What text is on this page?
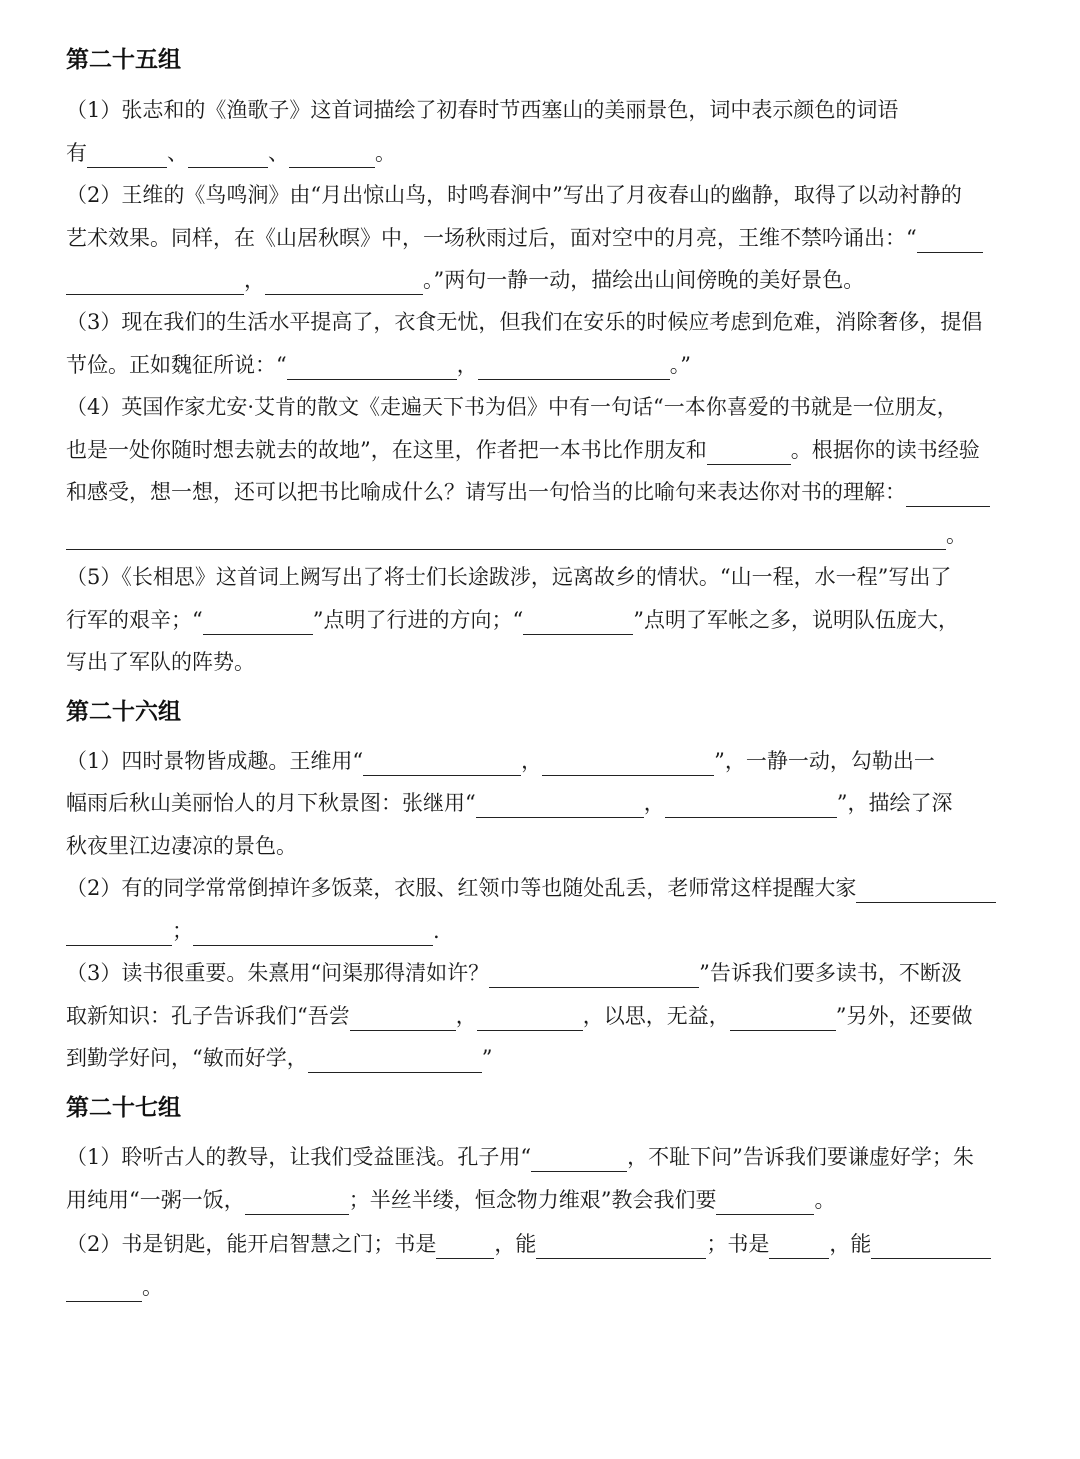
第二十五组
（1）张志和的《渔歌子》这首词描绘了初春时节西塞山的美丽景色，词中表示颜色的词语
有	、	、	。
（2）王维的《鸟鸣涧》由“月出惊山鸟，时鸣春涧中”写出了月夜春山的幽静，取得了以动衬静的
艺术效果。同样，在《山居秋暝》中，一场秋雨过后，面对空中的月亮，王维不禁吟诵出：“
，	。”两句一静一动，描绘出山间傍晚的美好景色。
（3）现在我们的生活水平提高了，衣食无忧，但我们在安乐的时候应考虑到危难，消除奢侈，提倡
节俭。正如魏征所说：“	，	。”
（4）英国作家尤安·艾肯的散文《走遍天下书为侣》中有一句话“一本你喜爱的书就是一位朋友，
也是一处你随时想去就去的故地”，在这里，作者把一本书比作朋友和	。根据你的读书经验
和感受，想一想，还可以把书比喻成什么？请写出一句恰当的比喻句来表达你对书的理解：
。
（5）《长相思》这首词上阙写出了将士们长途跋涉，远离故乡的情状。“山一程，水一程”写出了
行军的艰辛；“	”点明了行进的方向；“	”点明了军帐之多，说明队伍庞大，
写出了军队的阵势。
第二十六组
（1）四时景物皆成趣。王维用“	，	”，一静一动，勾勒出一
幅雨后秋山美丽怡人的月下秋景图：张继用“	，	”，描绘了深
秋夜里江边凄凉的景色。
（2）有的同学常常倒掉许多饭菜，衣服、红领巾等也随处乱丢，老师常这样提醒大家
；	.
（3）读书很重要。朱熹用“问渠那得清如许？	”告诉我们要多读书，不断汲
取新知识：孔子告诉我们“吾尝	，	，以思，无益，	”另外，还要做
到勤学好问，“敏而好学，	”
第二十七组
（1）聆听古人的教导，让我们受益匪浅。孔子用“	，不耻下问”告诉我们要谦虚好学；朱
用纯用“一粥一饭，	；半丝半缕，恒念物力维艰”教会我们要	。
（2）书是钥匙，能开启智慧之门；书是	，能	；书是	，能
。
